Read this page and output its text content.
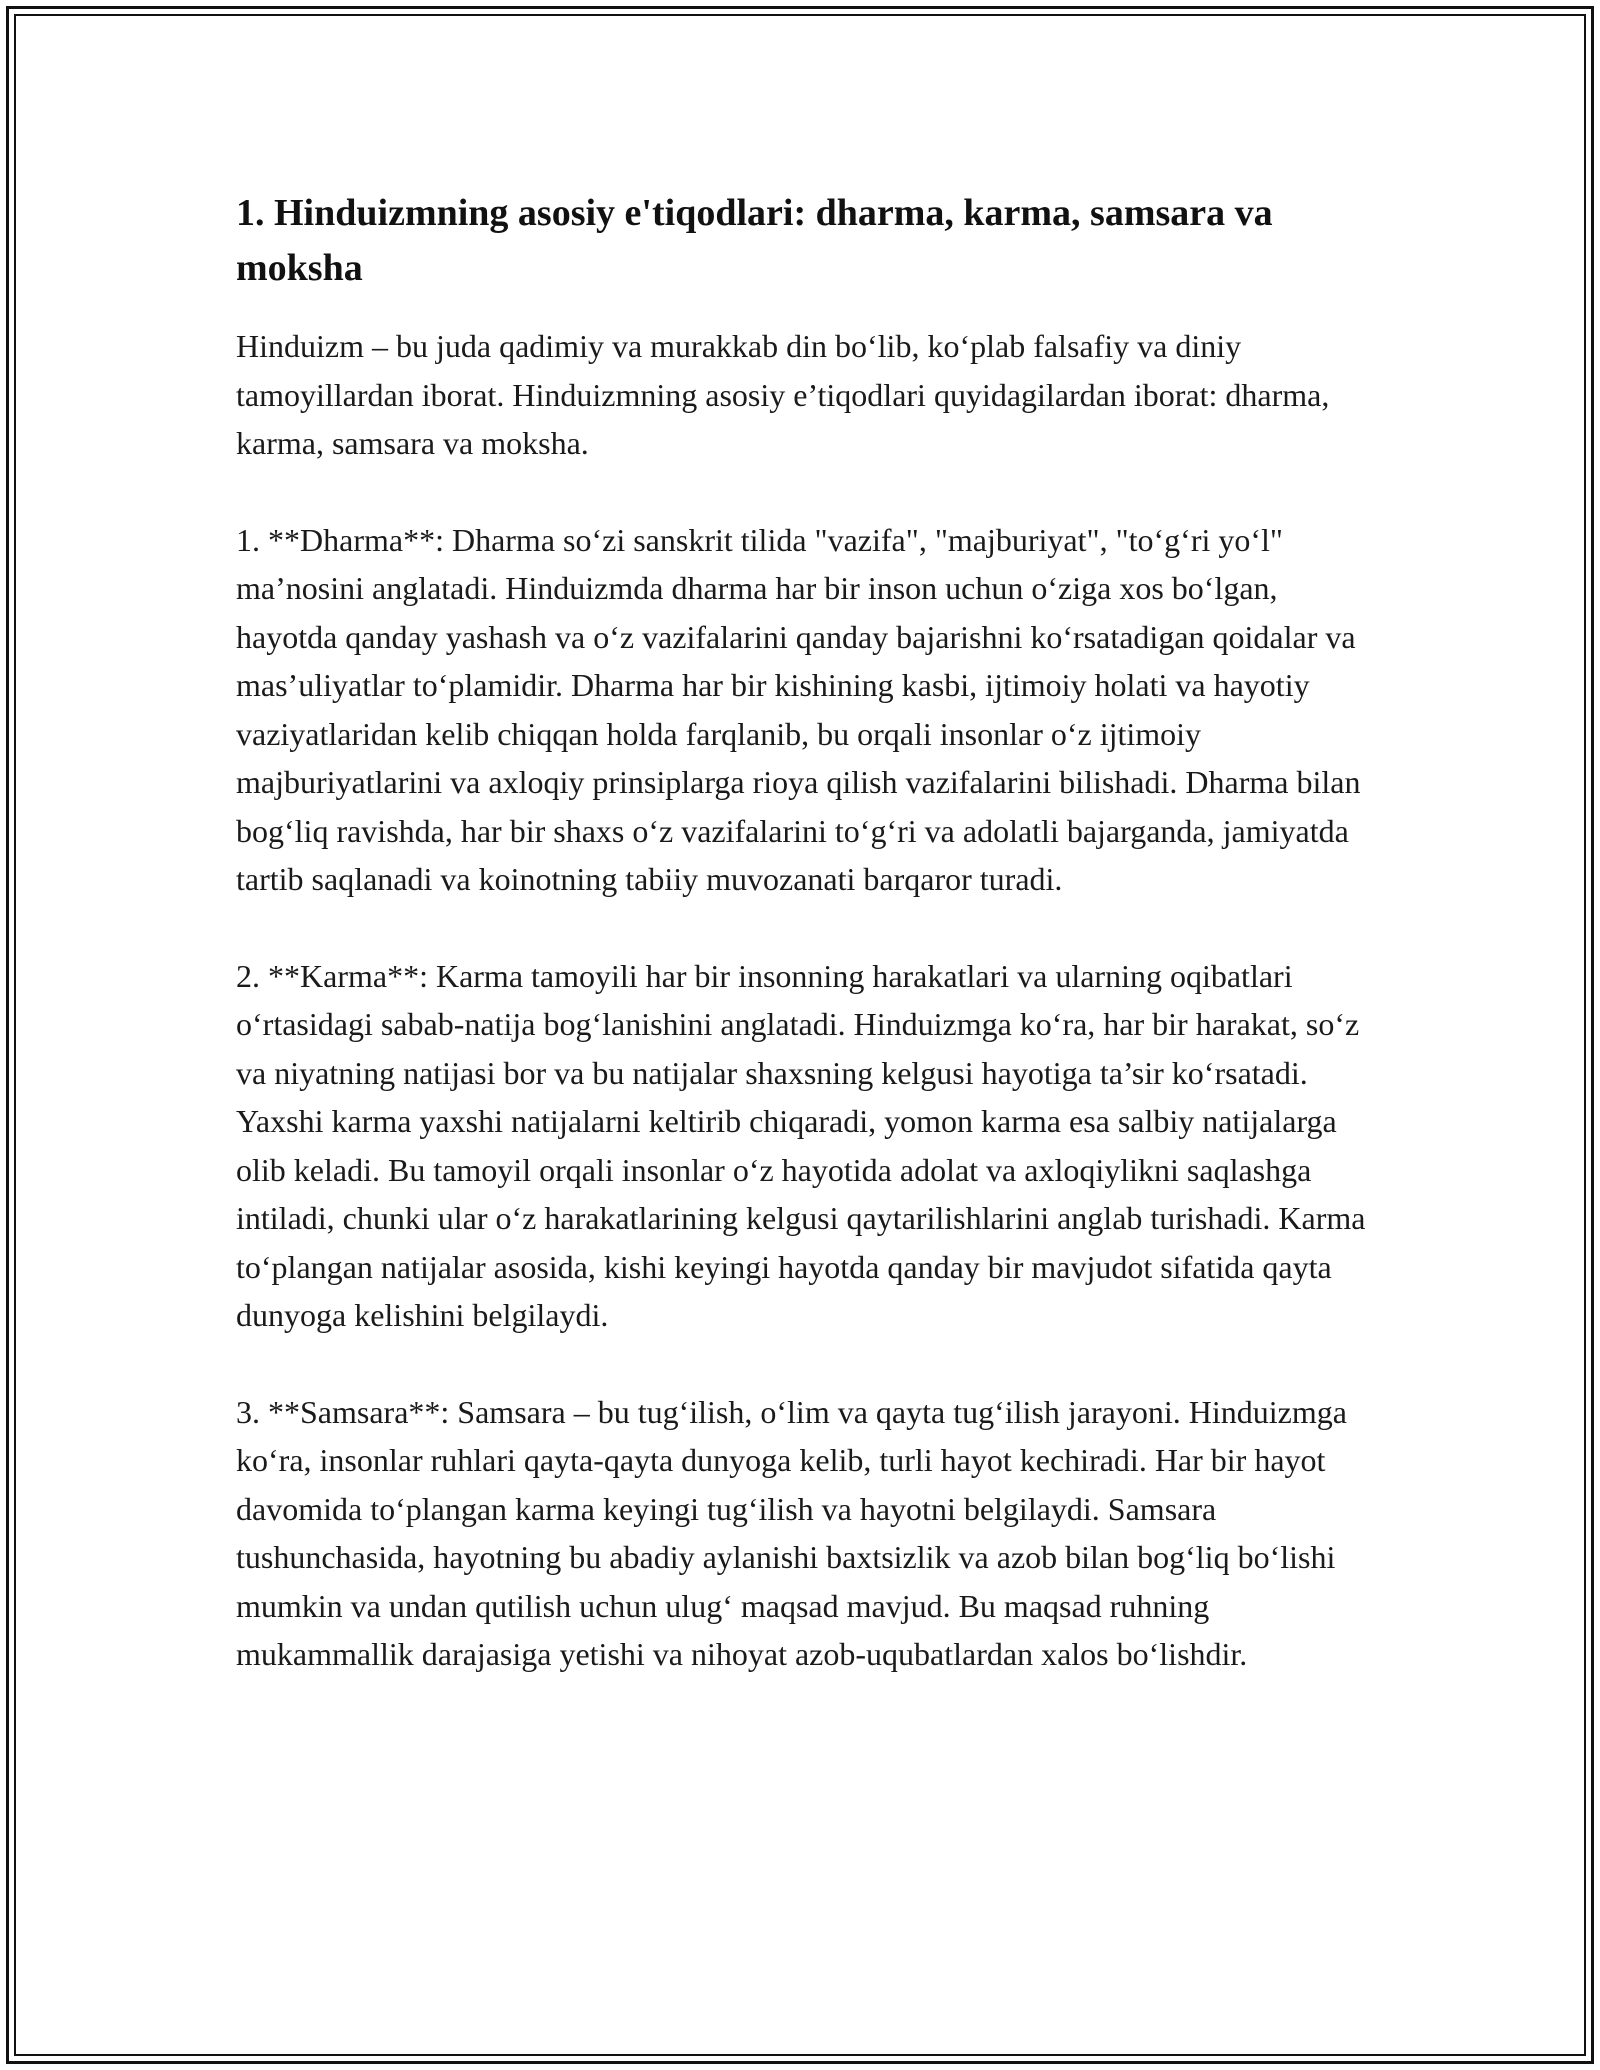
1. Hinduizmning asosiy e'tiqodlari: dharma, karma, samsara va moksha

Hinduizm – bu juda qadimiy va murakkab din bo‘lib, ko‘plab falsafiy va diniy tamoyillardan iborat. Hinduizmning asosiy e’tiqodlari quyidagilardan iborat: dharma, karma, samsara va moksha.

1. **Dharma**: Dharma so‘zi sanskrit tilida "vazifa", "majburiyat", "to‘g‘ri yo‘l" ma’nosini anglatadi. Hinduizmda dharma har bir inson uchun o‘ziga xos bo‘lgan, hayotda qanday yashash va o‘z vazifalarini qanday bajarishni ko‘rsatadigan qoidalar va mas’uliyatlar to‘plamidir. Dharma har bir kishining kasbi, ijtimoiy holati va hayotiy vaziyatlaridan kelib chiqqan holda farqlanib, bu orqali insonlar o‘z ijtimoiy majburiyatlarini va axloqiy prinsiplarga rioya qilish vazifalarini bilishadi. Dharma bilan bog‘liq ravishda, har bir shaxs o‘z vazifalarini to‘g‘ri va adolatli bajarganda, jamiyatda tartib saqlanadi va koinotning tabiiy muvozanati barqaror turadi.

2. **Karma**: Karma tamoyili har bir insonning harakatlari va ularning oqibatlari o‘rtasidagi sabab-natija bog‘lanishini anglatadi. Hinduizmga ko‘ra, har bir harakat, so‘z va niyatning natijasi bor va bu natijalar shaxsning kelgusi hayotiga ta’sir ko‘rsatadi. Yaxshi karma yaxshi natijalarni keltirib chiqaradi, yomon karma esa salbiy natijalarga olib keladi. Bu tamoyil orqali insonlar o‘z hayotida adolat va axloqiylikni saqlashga intiladi, chunki ular o‘z harakatlarining kelgusi qaytarilishlarini anglab turishadi. Karma to‘plangan natijalar asosida, kishi keyingi hayotda qanday bir mavjudot sifatida qayta dunyoga kelishini belgilaydi.

3. **Samsara**: Samsara – bu tug‘ilish, o‘lim va qayta tug‘ilish jarayoni. Hinduizmga ko‘ra, insonlar ruhlari qayta-qayta dunyoga kelib, turli hayot kechiradi. Har bir hayot davomida to‘plangan karma keyingi tug‘ilish va hayotni belgilaydi. Samsara tushunchasida, hayotning bu abadiy aylanishi baxtsizlik va azob bilan bog‘liq bo‘lishi mumkin va undan qutilish uchun ulug‘ maqsad mavjud. Bu maqsad ruhning mukammallik darajasiga yetishi va nihoyat azob-uqubatlardan xalos bo‘lishdir.
